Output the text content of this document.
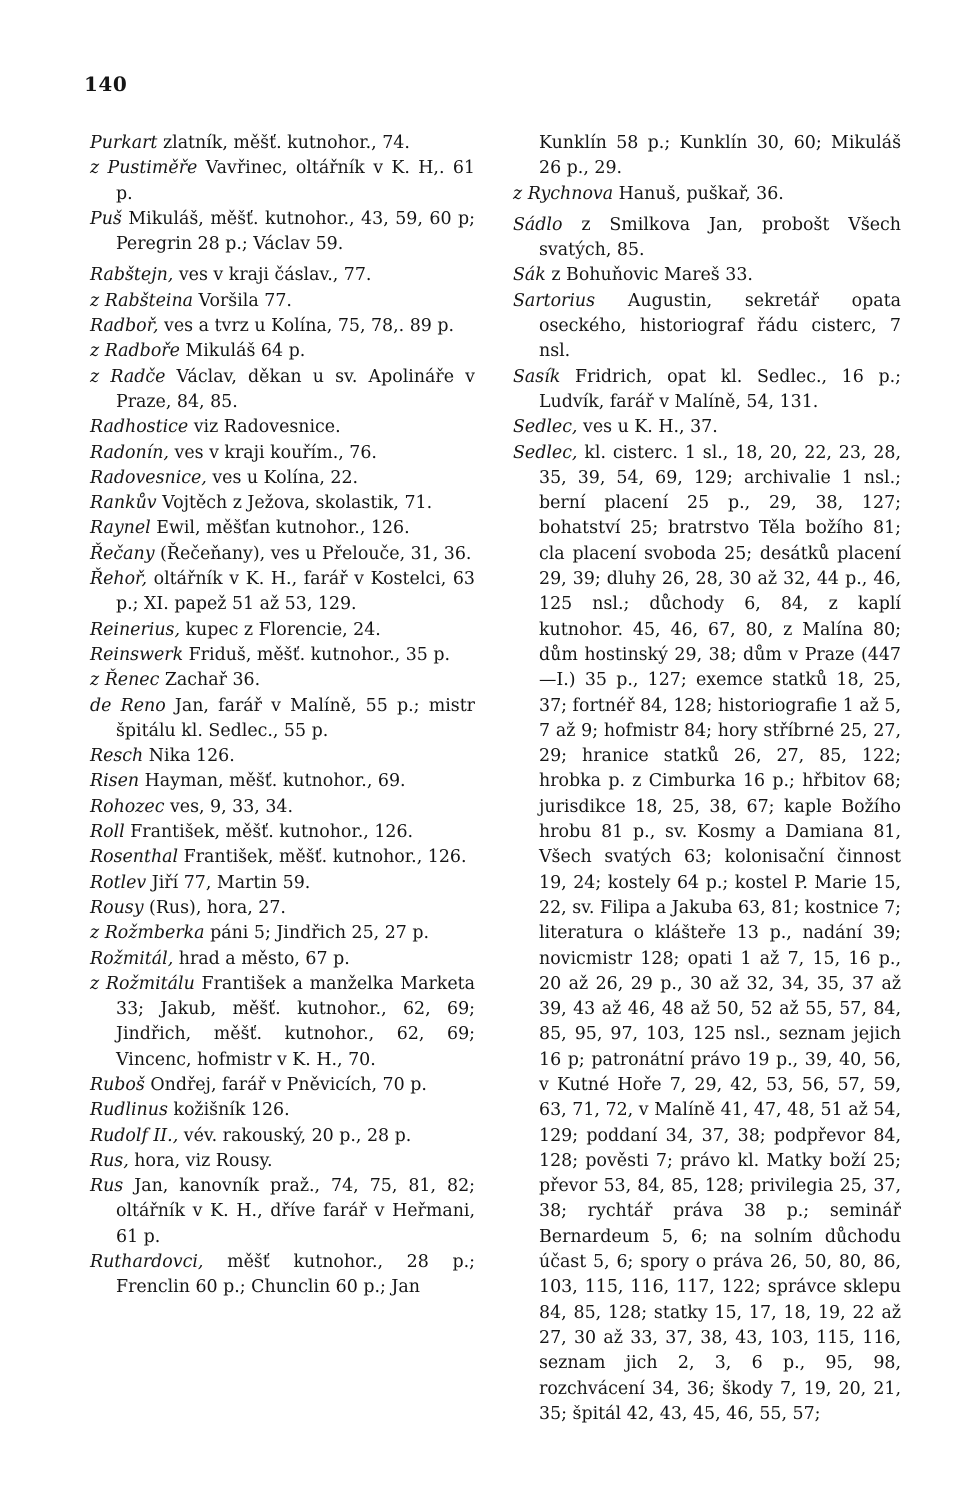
140

Purkart zlatník, měšť. kutnohor., 74.

z Pustiměře Vavřinec, oltářník v K. H,. 61 p.

Puš Mikuláš, měšť. kutnohor., 43, 59, 60 p; Peregrin 28 p.; Václav 59.

Rabštejn, ves v kraji čáslav., 77.

z Rabšteina Voršila 77.

Radboř, ves a tvrz u Kolína, 75, 78,. 89 p.

z Radboře Mikuláš 64 p.

z Radče Václav, děkan u sv. Apolináře v Praze, 84, 85.

Radhostice viz Radovesnice.

Radonín, ves v kraji kouřím., 76.

Radovesnice, ves u Kolína, 22.

Rankův Vojtěch z Ježova, skolastik, 71.

Raynel Ewil, měšťan kutnohor., 126.

Řečany (Řečeňany), ves u Přelouče, 31, 36.

Řehoř, oltářník v K. H., farář v Kostelci, 63 p.; XI. papež 51 až 53, 129.

Reinerius, kupec z Florencie, 24.

Reinswerk Friduš, měšť. kutnohor., 35 p.

z Řenec Zachař 36.

de Reno Jan, farář v Malíně, 55 p.; mistr špitálu kl. Sedlec., 55 p.

Resch Nika 126.

Risen Hayman, měšť. kutnohor., 69.

Rohozec ves, 9, 33, 34.

Roll František, měšť. kutnohor., 126.

Rosenthal František, měšť. kutnohor., 126.

Rotlev Jiří 77, Martin 59.

Rousy (Rus), hora, 27.

z Rožmberka páni 5; Jindřich 25, 27 p.

Rožmitál, hrad a město, 67 p.

z Rožmitálu František a manželka Marketa 33; Jakub, měšť. kutnohor., 62, 69; Jindřich, měšť. kutnohor., 62, 69; Vincenc, hofmistr v K. H., 70.

Ruboš Ondřej, farář v Pněvicích, 70 p.

Rudlinus kožišník 126.

Rudolf II., vév. rakouský, 20 p., 28 p.

Rus, hora, viz Rousy.

Rus Jan, kanovník praž., 74, 75, 81, 82; oltářník v K. H., dříve farář v Heřmani, 61 p.

Ruthardovci, měšť kutnohor., 28 p.; Frenclin 60 p.; Chunclin 60 p.; Jan

Kunklín 58 p.; Kunklín 30, 60; Mikuláš 26 p., 29.

z Rychnova Hanuš, puškař, 36.

Sádlo z Smilkova Jan, probošt Všech svatých, 85.

Sák z Bohuňovic Mareš 33.

Sartorius Augustin, sekretář opata oseckého, historiograf řádu cisterc, 7 nsl.

Sasík Fridrich, opat kl. Sedlec., 16 p.; Ludvík, farář v Malíně, 54, 131.

Sedlec, ves u K. H., 37.

Sedlec, kl. cisterc. 1 sl., 18, 20, 22, 23, 28, 35, 39, 54, 69, 129; archivalie 1 nsl.; berní placení 25 p., 29, 38, 127; bohatství 25; bratrstvo Těla božího 81; cla placení svoboda 25; desátků placení 29, 39; dluhy 26, 28, 30 až 32, 44 p., 46, 125 nsl.; důchody 6, 84, z kaplí kutnohor. 45, 46, 67, 80, z Malína 80; dům hostinský 29, 38; dům v Praze (447—I.) 35 p., 127; exemce statků 18, 25, 37; fortnéř 84, 128; historiografie 1 až 5, 7 až 9; hofmistr 84; hory stříbrné 25, 27, 29; hranice statků 26, 27, 85, 122; hrobka p. z Cimburka 16 p.; hřbitov 68; jurisdikce 18, 25, 38, 67; kaple Božího hrobu 81 p., sv. Kosmy a Damiana 81, Všech svatých 63; kolonisační činnost 19, 24; kostely 64 p.; kostel P. Marie 15, 22, sv. Filipa a Jakuba 63, 81; kostnice 7; literatura o klášteře 13 p., nadání 39; novicmistr 128; opati 1 až 7, 15, 16 p., 20 až 26, 29 p., 30 až 32, 34, 35, 37 až 39, 43 až 46, 48 až 50, 52 až 55, 57, 84, 85, 95, 97, 103, 125 nsl., seznam jejich 16 p; patronátní právo 19 p., 39, 40, 56, v Kutné Hoře 7, 29, 42, 53, 56, 57, 59, 63, 71, 72, v Malíně 41, 47, 48, 51 až 54, 129; poddaní 34, 37, 38; podpřevor 84, 128; pověsti 7; právo kl. Matky boží 25; převor 53, 84, 85, 128; privilegia 25, 37, 38; rychtář práva 38 p.; seminář Bernardeum 5, 6; na solním důchodu účast 5, 6; spory o práva 26, 50, 80, 86, 103, 115, 116, 117, 122; správce sklepu 84, 85, 128; statky 15, 17, 18, 19, 22 až 27, 30 až 33, 37, 38, 43, 103, 115, 116, seznam jich 2, 3, 6 p., 95, 98, rozchvácení 34, 36; škody 7, 19, 20, 21, 35; špitál 42, 43, 45, 46, 55, 57;
